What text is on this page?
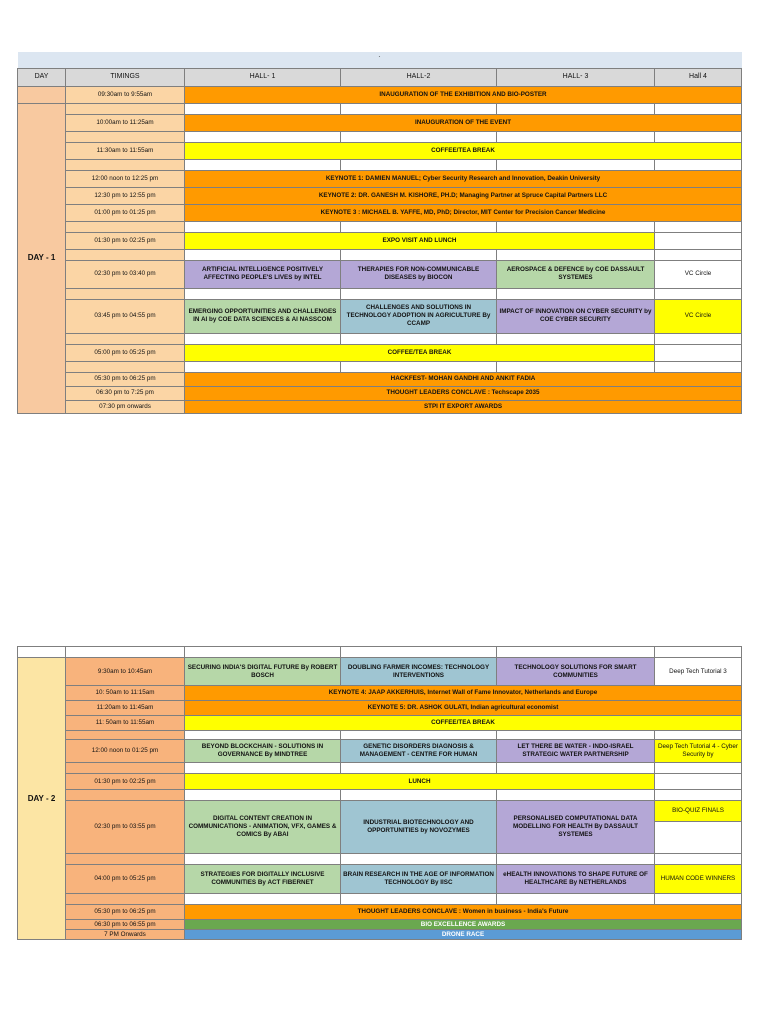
`					
DAY	TIMINGS	HALL- 1	HALL-2	HALL- 3	Hall 4
	09:30am to 9:55am	INAUGURATION OF THE EXHIBITION AND BIO-POSTER			
DAY - 1					
	10:00am to 11:25am	INAUGURATION OF THE EVENT			

	11:30am to 11:55am	COFFEE/TEA BREAK			

	12:00 noon to 12:25 pm	KEYNOTE 1: DAMIEN MANUEL; Cyber Security Research and Innovation, Deakin University			
	12:30 pm to 12:55 pm	KEYNOTE 2: DR. GANESH M. KISHORE, PH.D; Managing Partner at Spruce Capital Partners LLC			
	01:00 pm to 01:25 pm	KEYNOTE 3 : MICHAEL B. YAFFE, MD, PhD; Director, MIT Center for Precision Cancer Medicine			

	01:30 pm to 02:25 pm	EXPO VISIT AND LUNCH			

	02:30 pm to 03:40 pm	ARTIFICIAL INTELLIGENCE POSITIVELY AFFECTING PEOPLE'S LIVES by INTEL	THERAPIES FOR NON-COMMUNICABLE DISEASES by BIOCON	AEROSPACE & DEFENCE by COE DASSAULT SYSTEMES	VC Circle

	03:45 pm to 04:55 pm	EMERGING OPPORTUNITIES AND CHALLENGES IN AI by COE DATA SCIENCES & AI NASSCOM	CHALLENGES AND SOLUTIONS IN TECHNOLOGY ADOPTION IN AGRICULTURE By CCAMP	IMPACT OF INNOVATION ON CYBER SECURITY by COE CYBER SECURITY	VC Circle

	05:00 pm to 05:25 pm	COFFEE/TEA BREAK			

	05:30 pm to 06:25 pm	HACKFEST- MOHAN GANDHI AND ANKIT FADIA			
	06:30 pm to 7:25 pm	THOUGHT LEADERS CONCLAVE : Techscape 2035			
	07:30 pm onwards	STPI IT EXPORT AWARDS			

DAY - 2	9:30am to 10:45am	SECURING INDIA'S DIGITAL FUTURE By ROBERT BOSCH	DOUBLING FARMER INCOMES: TECHNOLOGY INTERVENTIONS	TECHNOLOGY SOLUTIONS FOR SMART COMMUNITIES	Deep Tech Tutorial 3
	10: 50am to 11:15am	KEYNOTE 4: JAAP AKKERHUIS, Internet Wall of Fame Innovator, Netherlands and Europe			
	11:20am to 11:45am	KEYNOTE 5: DR. ASHOK GULATI, Indian agricultural economist			
	11: 50am to 11:55am	COFFEE/TEA BREAK			

	12:00 noon to 01:25 pm	BEYOND BLOCKCHAIN - SOLUTIONS IN GOVERNANCE By MINDTREE	GENETIC DISORDERS DIAGNOSIS & MANAGEMENT - CENTRE FOR HUMAN	LET THERE BE WATER - INDO-ISRAEL STRATEGIC WATER PARTNERSHIP	Deep Tech Tutorial 4 - Cyber Security by

	01:30 pm to 02:25 pm	LUNCH			

	02:30 pm to 03:55 pm	DIGITAL CONTENT CREATION IN COMMUNICATIONS - ANIMATION, VFX, GAMES & COMICS By ABAI	INDUSTRIAL BIOTECHNOLOGY AND OPPORTUNITIES by NOVOZYMES	PERSONALISED COMPUTATIONAL DATA MODELLING FOR HEALTH By DASSAULT SYSTEMES	BIO-QUIZ FINALS

	04:00 pm to 05:25 pm	STRATEGIES FOR DIGITALLY INCLUSIVE COMMUNITIES By ACT FIBERNET	BRAIN RESEARCH IN THE AGE OF INFORMATION TECHNOLOGY By IISC	eHEALTH INNOVATIONS TO SHAPE FUTURE OF HEALTHCARE By NETHERLANDS	HUMAN CODE WINNERS

	05:30 pm to 06:25 pm	THOUGHT LEADERS CONCLAVE : Women in business - India's Future			
	06:30 pm to 06:55 pm	BIO EXCELLENCE AWARDS			
	7 PM Onwards	DRONE RACE			
